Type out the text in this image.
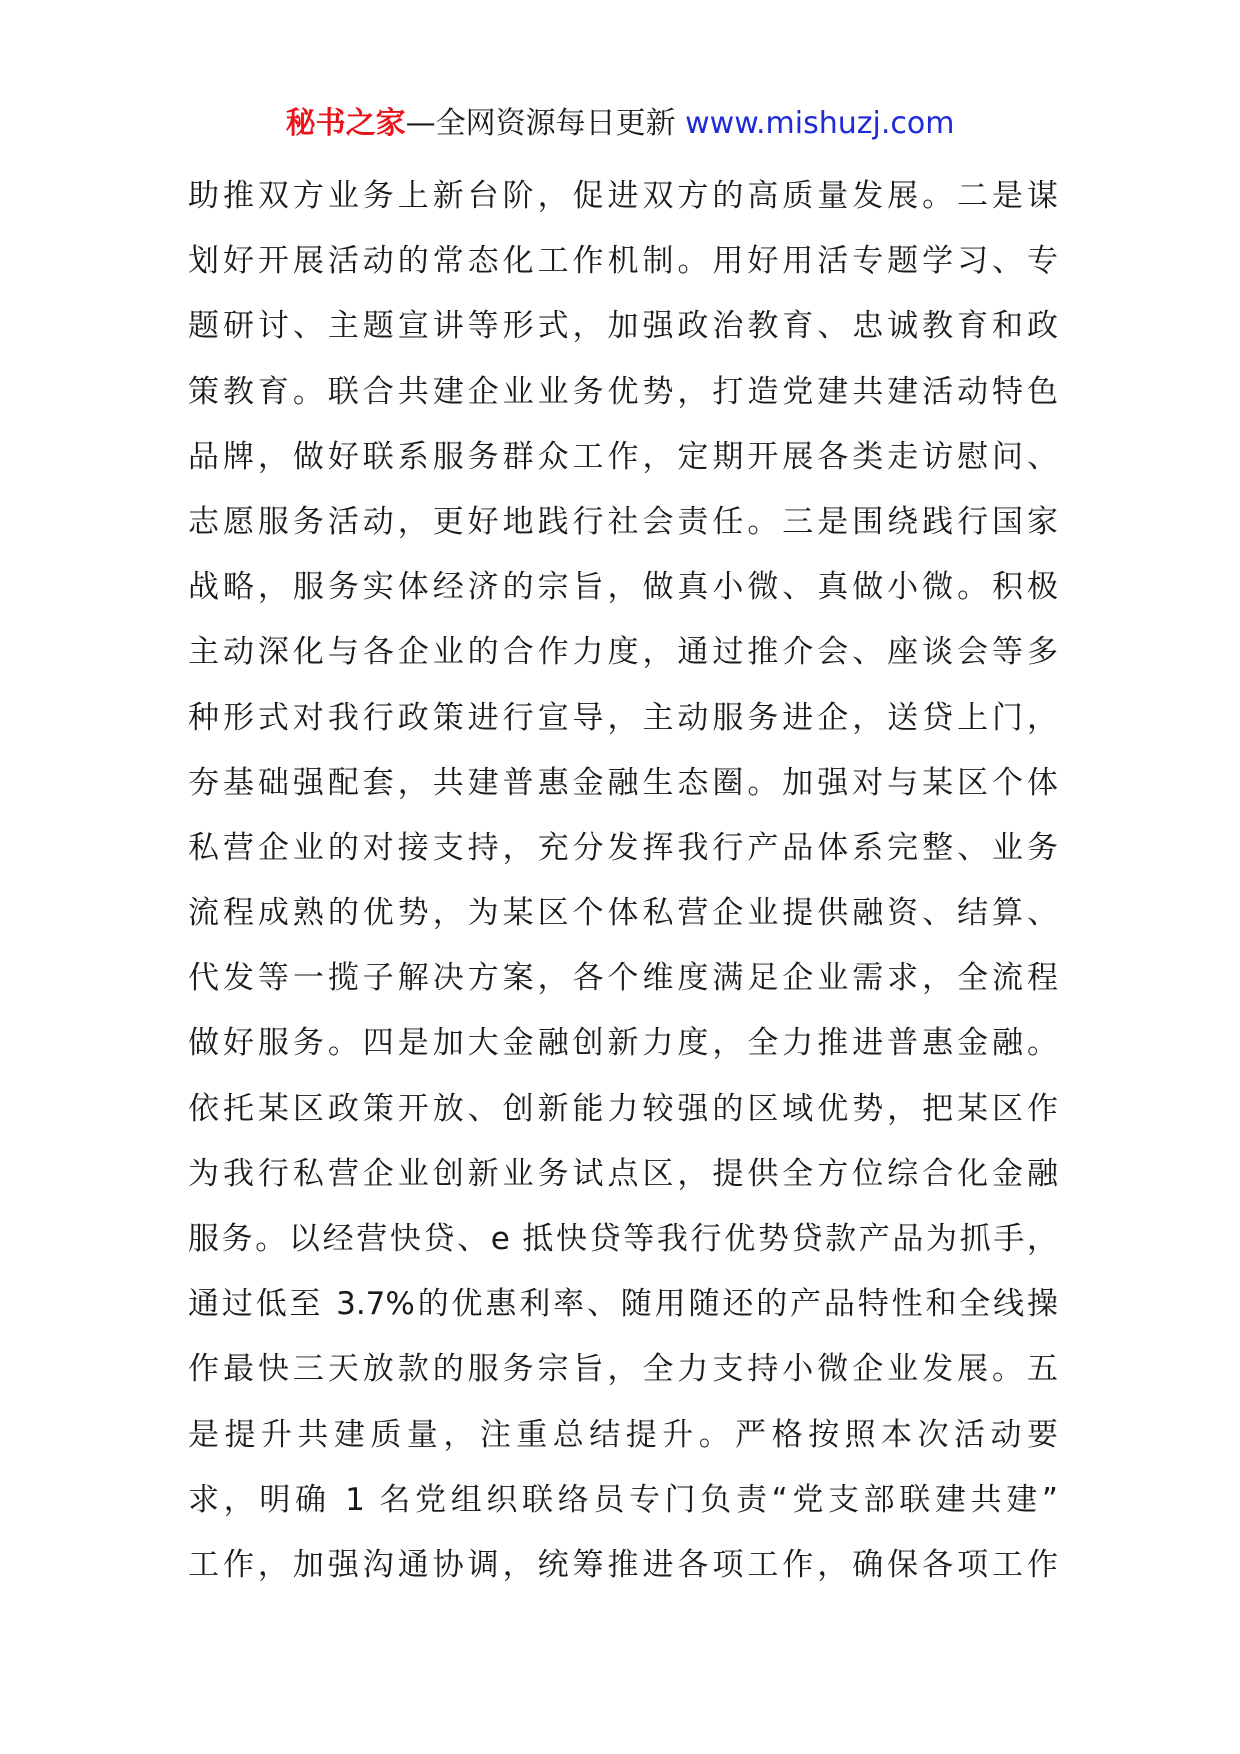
秘书之家—全网资源每日更新 www.mishuzj.com
助推双方业务上新台阶，促进双方的高质量发展。二是谋
划好开展活动的常态化工作机制。用好用活专题学习、专
题研讨、主题宣讲等形式，加强政治教育、忠诚教育和政
策教育。联合共建企业业务优势，打造党建共建活动特色
品牌，做好联系服务群众工作，定期开展各类走访慰问、
志愿服务活动，更好地践行社会责任。三是围绕践行国家
战略，服务实体经济的宗旨，做真小微、真做小微。积极
主动深化与各企业的合作力度，通过推介会、座谈会等多
种形式对我行政策进行宣导，主动服务进企，送贷上门，
夯基础强配套，共建普惠金融生态圈。加强对与某区个体
私营企业的对接支持，充分发挥我行产品体系完整、业务
流程成熟的优势，为某区个体私营企业提供融资、结算、
代发等一揽子解决方案，各个维度满足企业需求，全流程
做好服务。四是加大金融创新力度，全力推进普惠金融。
依托某区政策开放、创新能力较强的区域优势，把某区作
为我行私营企业创新业务试点区，提供全方位综合化金融
服务。以经营快贷、e 抵快贷等我行优势贷款产品为抓手，
通过低至 3.7%的优惠利率、随用随还的产品特性和全线操
作最快三天放款的服务宗旨，全力支持小微企业发展。五
是提升共建质量，注重总结提升。严格按照本次活动要
求，明确 1 名党组织联络员专门负责“党支部联建共建”
工作，加强沟通协调，统筹推进各项工作，确保各项工作
